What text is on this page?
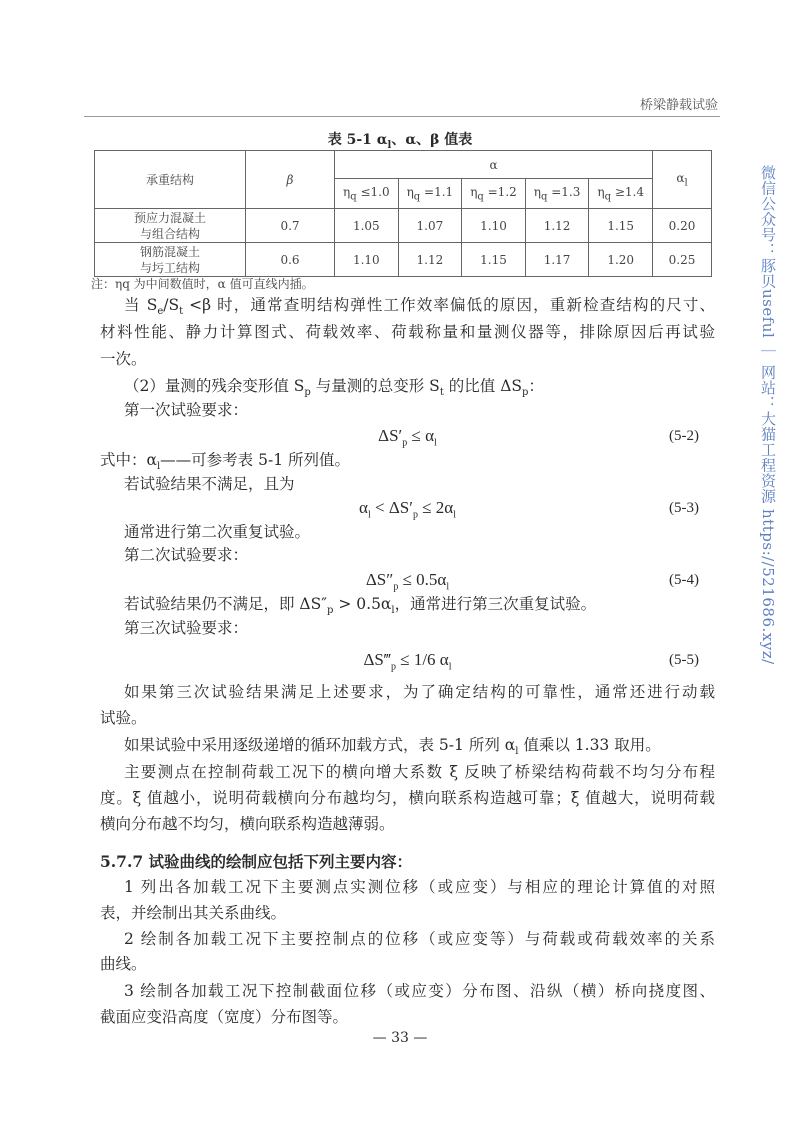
桥梁静载试验
表 5-1 $\alpha_l$、α、β 值表
承重结构	β	α					$\alpha_l$
		$\eta_q \le 1.0$	$\eta_q =1.1$	$\eta_q =1.2$	$\eta_q =1.3$	$\eta_q \ge 1.4$	
预应力混凝土
与组合结构	0.7	1.05	1.07	1.10	1.12	1.15	0.20
钢筋混凝土
与圬工结构	0.6	1.10	1.12	1.15	1.17	1.20	0.25
注：ηq 为中间数值时，α 值可直线内插。
当 $S_e/S_t <\beta$ 时，通常查明结构弹性工作效率偏低的原因，重新检查结构的尺寸、
材料性能、静力计算图式、荷载效率、荷载称量和量测仪器等，排除原因后再试验
一次。
（2）量测的残余变形值 $S_p$ 与量测的总变形 $S_t$ 的比值 $\Delta S_p$：
第一次试验要求：
$\Delta S'_p \le \alpha_l$	(5-2)
式中：$\alpha_l——$可参考表 5-1 所列值。
若试验结果不满足，且为
$\alpha_l < \Delta S'_p \le 2\alpha_l$	(5-3)
通常进行第二次重复试验。
第二次试验要求：
$\Delta S''_p \le 0.5\alpha_l$	(5-4)
若试验结果仍不满足，即 $\Delta S''_p > 0.5\alpha_l$，通常进行第三次重复试验。
第三次试验要求：
$\Delta S‴_p \le 1/6$ $\alpha_l$	(5-5)
如果第三次试验结果满足上述要求，为了确定结构的可靠性，通常还进行动载
试验。
如果试验中采用逐级递增的循环加载方式，表 5-1 所列 $\alpha_l$ 值乘以 1.33 取用。
主要测点在控制荷载工况下的横向增大系数 ξ 反映了桥梁结构荷载不均匀分布程
度。ξ 值越小，说明荷载横向分布越均匀，横向联系构造越可靠；ξ 值越大，说明荷载
横向分布越不均匀，横向联系构造越薄弱。
5.7.7 试验曲线的绘制应包括下列主要内容：
1 列出各加载工况下主要测点实测位移（或应变）与相应的理论计算值的对照
表，并绘制出其关系曲线。
2 绘制各加载工况下主要控制点的位移（或应变等）与荷载或荷载效率的关系
曲线。
3 绘制各加载工况下控制截面位移（或应变）分布图、沿纵（横）桥向挠度图、
截面应变沿高度（宽度）分布图等。
— 33 —
微信公众号：豚贝useful ｜ 网站：大猫工程资源 https://521686.xyz/
